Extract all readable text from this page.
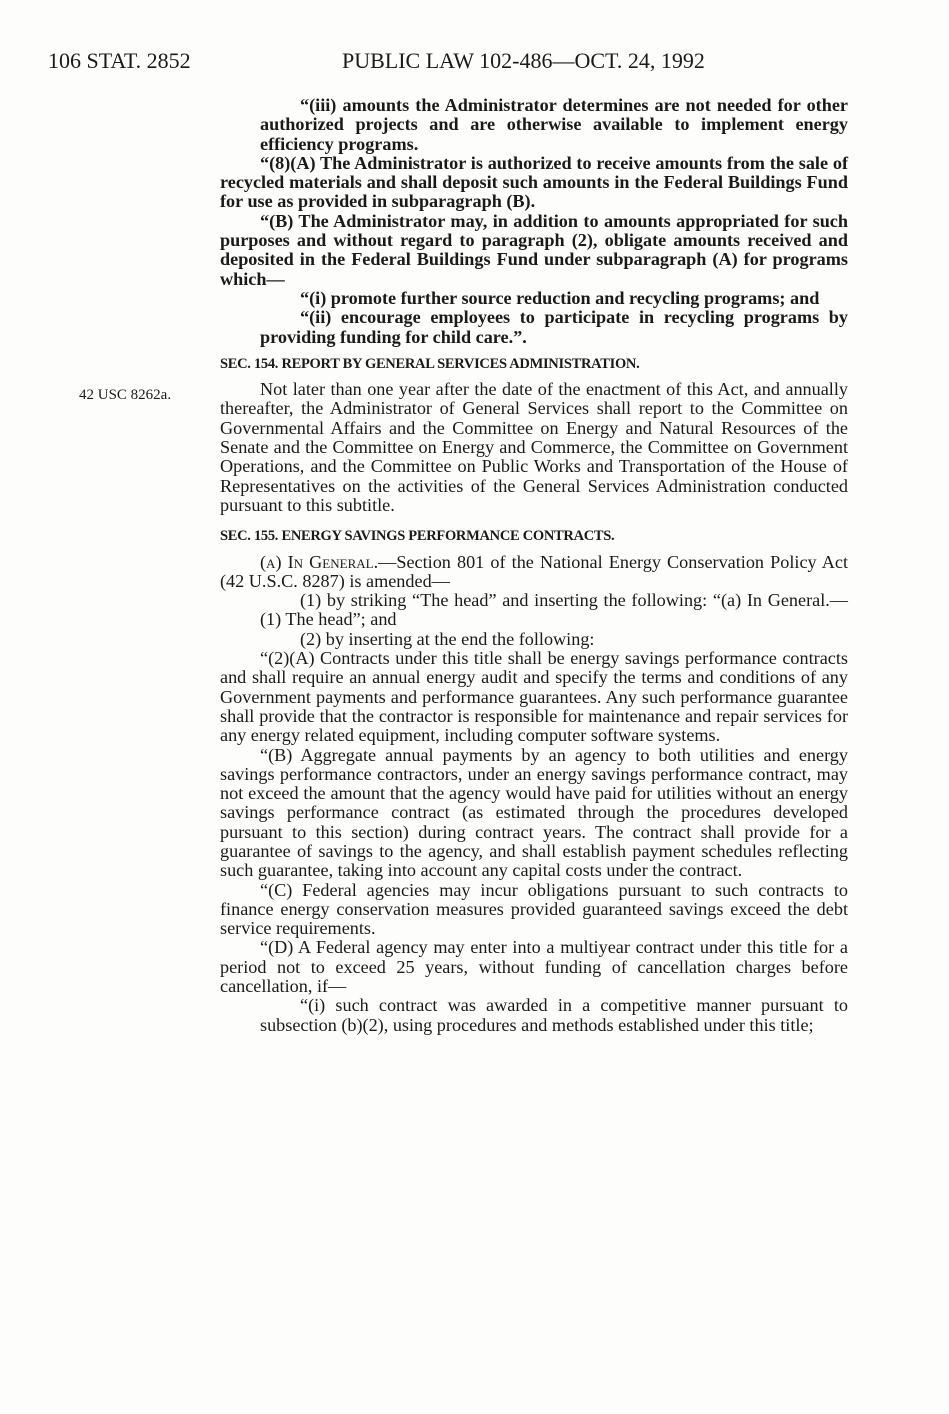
106 STAT. 2852	PUBLIC LAW 102-486—OCT. 24, 1992
42 USC 8262a.

“(iii) amounts the Administrator determines are not needed for other authorized projects and are otherwise available to implement energy efficiency programs.

“(8)(A) The Administrator is authorized to receive amounts from the sale of recycled materials and shall deposit such amounts in the Federal Buildings Fund for use as provided in subparagraph (B).

“(B) The Administrator may, in addition to amounts appropriated for such purposes and without regard to paragraph (2), obligate amounts received and deposited in the Federal Buildings Fund under subparagraph (A) for programs which—

“(i) promote further source reduction and recycling programs; and

“(ii) encourage employees to participate in recycling programs by providing funding for child care.”.

SEC. 154. REPORT BY GENERAL SERVICES ADMINISTRATION.

Not later than one year after the date of the enactment of this Act, and annually thereafter, the Administrator of General Services shall report to the Committee on Governmental Affairs and the Committee on Energy and Natural Resources of the Senate and the Committee on Energy and Commerce, the Committee on Government Operations, and the Committee on Public Works and Transportation of the House of Representatives on the activities of the General Services Administration conducted pursuant to this subtitle.

SEC. 155. ENERGY SAVINGS PERFORMANCE CONTRACTS.

(a) In General.—Section 801 of the National Energy Conservation Policy Act (42 U.S.C. 8287) is amended—

(1) by striking “The head” and inserting the following: “(a) In General.—(1) The head”; and

(2) by inserting at the end the following:

“(2)(A) Contracts under this title shall be energy savings performance contracts and shall require an annual energy audit and specify the terms and conditions of any Government payments and performance guarantees. Any such performance guarantee shall provide that the contractor is responsible for maintenance and repair services for any energy related equipment, including computer software systems.

“(B) Aggregate annual payments by an agency to both utilities and energy savings performance contractors, under an energy savings performance contract, may not exceed the amount that the agency would have paid for utilities without an energy savings performance contract (as estimated through the procedures developed pursuant to this section) during contract years. The contract shall provide for a guarantee of savings to the agency, and shall establish payment schedules reflecting such guarantee, taking into account any capital costs under the contract.

“(C) Federal agencies may incur obligations pursuant to such contracts to finance energy conservation measures provided guaranteed savings exceed the debt service requirements.

“(D) A Federal agency may enter into a multiyear contract under this title for a period not to exceed 25 years, without funding of cancellation charges before cancellation, if—

“(i) such contract was awarded in a competitive manner pursuant to subsection (b)(2), using procedures and methods established under this title;
